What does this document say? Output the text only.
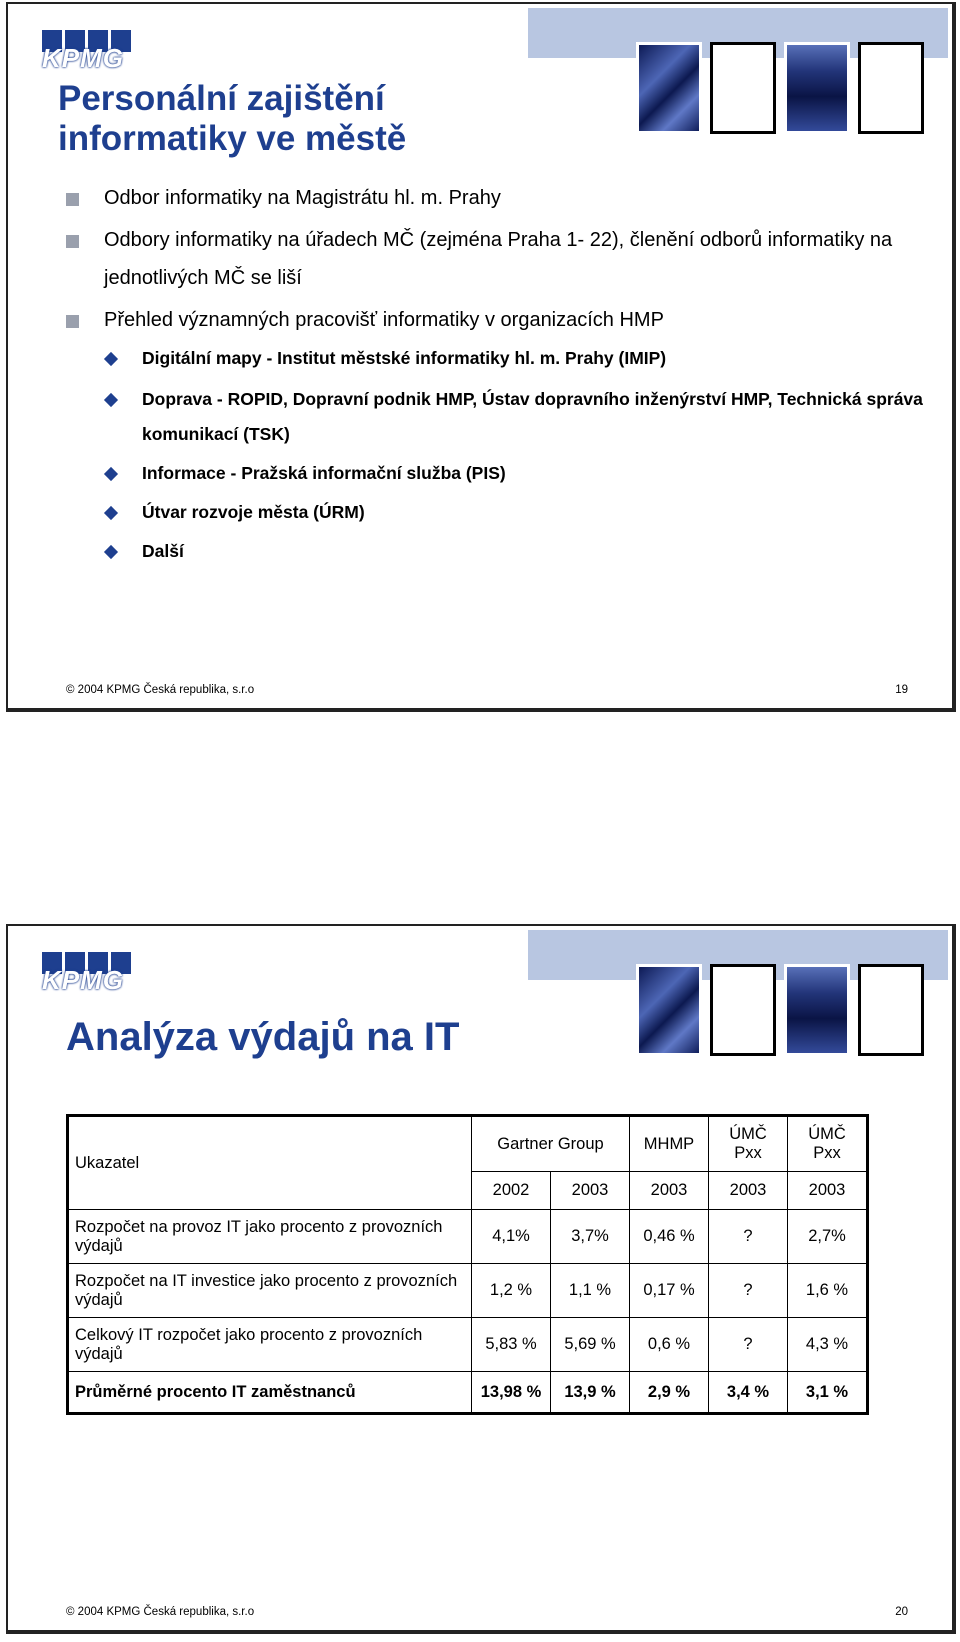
KPMG
Personální zajištění
informatiky ve městě
Odbor informatiky na Magistrátu hl. m. Prahy
Odbory informatiky na úřadech MČ (zejména Praha 1- 22), členění odborů informatiky na jednotlivých MČ se liší
Přehled významných pracovišť informatiky v organizacích HMP
Digitální mapy - Institut městské informatiky hl. m. Prahy (IMIP)
Doprava - ROPID, Dopravní podnik HMP, Ústav dopravního inženýrství HMP, Technická správa komunikací (TSK)
Informace - Pražská informační služba (PIS)
Útvar rozvoje města (ÚRM)
Další
© 2004 KPMG Česká republika, s.r.o	19
KPMG
Analýza výdajů na IT
Ukazatel	Gartner Group		MHMP	ÚMČ Pxx	ÚMČ Pxx
	2002	2003	2003	2003	2003
Rozpočet na provoz IT jako procento z provozních výdajů	4,1%	3,7%	0,46 %	?	2,7%
Rozpočet na IT investice jako procento z provozních výdajů	1,2 %	1,1 %	0,17 %	?	1,6 %
Celkový IT rozpočet jako procento z provozních výdajů	5,83 %	5,69 %	0,6 %	?	4,3 %
Průměrné procento IT zaměstnanců	13,98 %	13,9 %	2,9 %	3,4 %	3,1 %
© 2004 KPMG Česká republika, s.r.o	20
